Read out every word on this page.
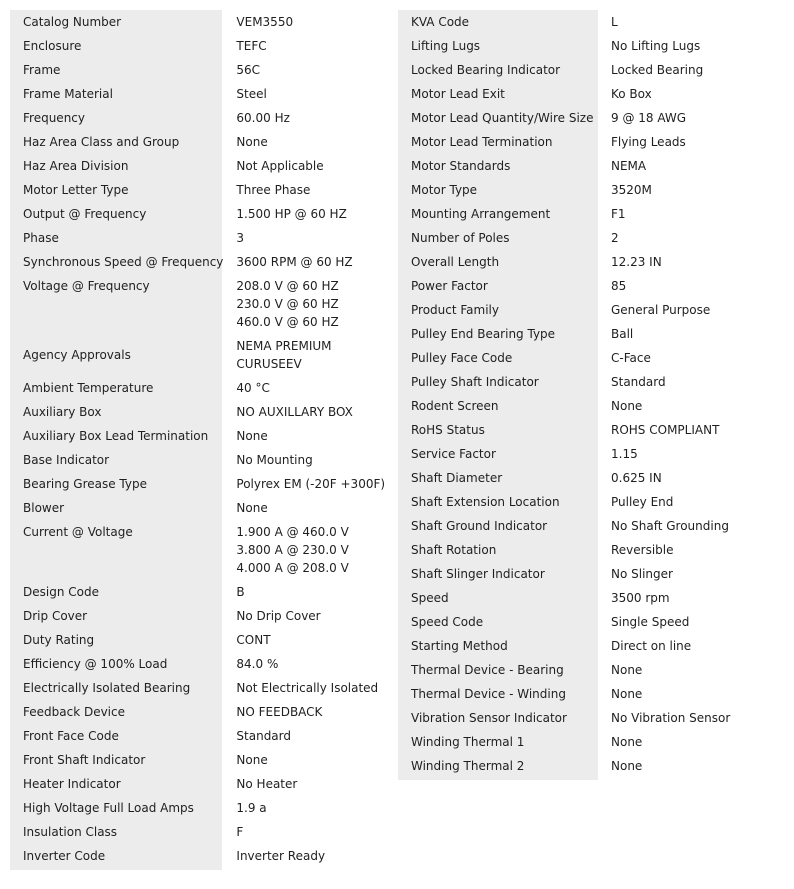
Catalog Number	VEM3550

Enclosure	TEFC

Frame	56C

Frame Material	Steel

Frequency	60.00 Hz

Haz Area Class and Group	None

Haz Area Division	Not Applicable

Motor Letter Type	Three Phase

Output @ Frequency	1.500 HP @ 60 HZ

Phase	3

Synchronous Speed @ Frequency	3600 RPM @ 60 HZ

Voltage @ Frequency	208.0 V @ 60 HZ
230.0 V @ 60 HZ
460.0 V @ 60 HZ

Agency Approvals	NEMA PREMIUM
CURUSEEV

Ambient Temperature	40 °C

Auxiliary Box	NO AUXILLARY BOX

Auxiliary Box Lead Termination	None

Base Indicator	No Mounting

Bearing Grease Type	Polyrex EM (-20F +300F)

Blower	None

Current @ Voltage	1.900 A @ 460.0 V
3.800 A @ 230.0 V
4.000 A @ 208.0 V

Design Code	B

Drip Cover	No Drip Cover

Duty Rating	CONT

Efficiency @ 100% Load	84.0 %

Electrically Isolated Bearing	Not Electrically Isolated

Feedback Device	NO FEEDBACK

Front Face Code	Standard

Front Shaft Indicator	None

Heater Indicator	No Heater

High Voltage Full Load Amps	1.9 a

Insulation Class	F

Inverter Code	Inverter Ready
KVA Code	L

Lifting Lugs	No Lifting Lugs

Locked Bearing Indicator	Locked Bearing

Motor Lead Exit	Ko Box

Motor Lead Quantity/Wire Size	9 @ 18 AWG

Motor Lead Termination	Flying Leads

Motor Standards	NEMA

Motor Type	3520M

Mounting Arrangement	F1

Number of Poles	2

Overall Length	12.23 IN

Power Factor	85

Product Family	General Purpose

Pulley End Bearing Type	Ball

Pulley Face Code	C-Face

Pulley Shaft Indicator	Standard

Rodent Screen	None

RoHS Status	ROHS COMPLIANT

Service Factor	1.15

Shaft Diameter	0.625 IN

Shaft Extension Location	Pulley End

Shaft Ground Indicator	No Shaft Grounding

Shaft Rotation	Reversible

Shaft Slinger Indicator	No Slinger

Speed	3500 rpm

Speed Code	Single Speed

Starting Method	Direct on line

Thermal Device - Bearing	None

Thermal Device - Winding	None

Vibration Sensor Indicator	No Vibration Sensor

Winding Thermal 1	None

Winding Thermal 2	None
